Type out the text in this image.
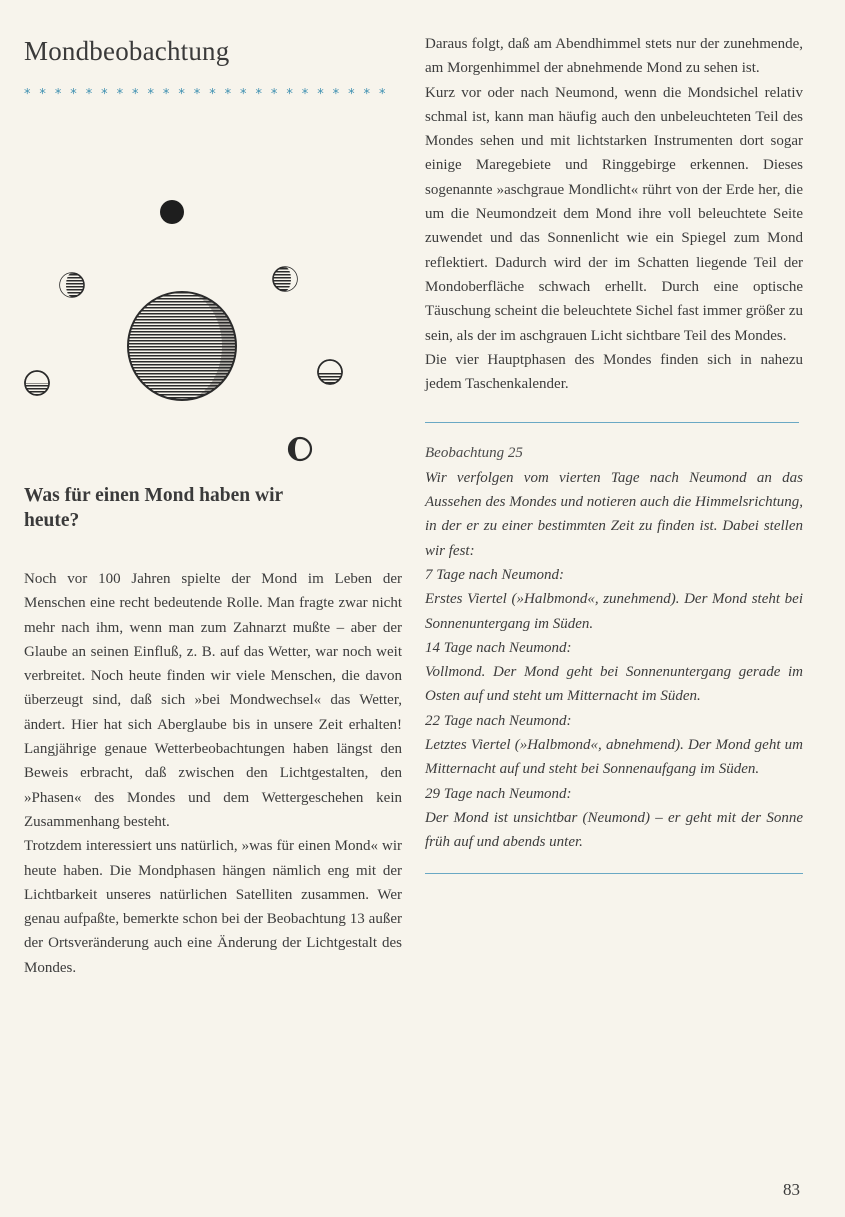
Mondbeobachtung
* * * * * * * * * * * * * * * * * * * * * * * *
Was für einen Mond haben wir heute?

Noch vor 100 Jahren spielte der Mond im Leben der Menschen eine recht bedeutende Rolle. Man fragte zwar nicht mehr nach ihm, wenn man zum Zahnarzt mußte – aber der Glaube an seinen Einfluß, z. B. auf das Wetter, war noch weit verbreitet. Noch heute finden wir viele Menschen, die davon überzeugt sind, daß sich »bei Mondwechsel« das Wetter, ändert. Hier hat sich Aberglaube bis in unsere Zeit erhalten! Langjährige genaue Wetterbeobachtungen haben längst den Beweis erbracht, daß zwischen den Lichtgestalten, den »Phasen« des Mondes und dem Wettergeschehen kein Zusammenhang besteht.

Trotzdem interessiert uns natürlich, »was für einen Mond« wir heute haben. Die Mondphasen hängen nämlich eng mit der Lichtbarkeit unseres natürlichen Satelliten zusammen. Wer genau aufpaßte, bemerkte schon bei der Beobachtung 13 außer der Ortsveränderung auch eine Änderung der Lichtgestalt des Mondes.

Daraus folgt, daß am Abendhimmel stets nur der zunehmende, am Morgenhimmel der abnehmende Mond zu sehen ist.

Kurz vor oder nach Neumond, wenn die Mondsichel relativ schmal ist, kann man häufig auch den unbeleuchteten Teil des Mondes sehen und mit lichtstarken Instrumenten dort sogar einige Maregebiete und Ringgebirge erkennen. Dieses sogenannte »aschgraue Mondlicht« rührt von der Erde her, die um die Neumondzeit dem Mond ihre voll beleuchtete Seite zuwendet und das Sonnenlicht wie ein Spiegel zum Mond reflektiert. Dadurch wird der im Schatten liegende Teil der Mondoberfläche schwach erhellt. Durch eine optische Täuschung scheint die beleuchtete Sichel fast immer größer zu sein, als der im aschgrauen Licht sichtbare Teil des Mondes.

Die vier Hauptphasen des Mondes finden sich in nahezu jedem Taschenkalender.

Beobachtung 25

Wir verfolgen vom vierten Tage nach Neumond an das Aussehen des Mondes und notieren auch die Himmelsrichtung, in der er zu einer bestimmten Zeit zu finden ist. Dabei stellen wir fest:

7 Tage nach Neumond:

Erstes Viertel (»Halbmond«, zunehmend). Der Mond steht bei Sonnenuntergang im Süden.

14 Tage nach Neumond:

Vollmond. Der Mond geht bei Sonnenuntergang gerade im Osten auf und steht um Mitternacht im Süden.

22 Tage nach Neumond:

Letztes Viertel (»Halbmond«, abnehmend). Der Mond geht um Mitternacht auf und steht bei Sonnenaufgang im Süden.

29 Tage nach Neumond:

Der Mond ist unsichtbar (Neumond) – er geht mit der Sonne früh auf und abends unter.

83
